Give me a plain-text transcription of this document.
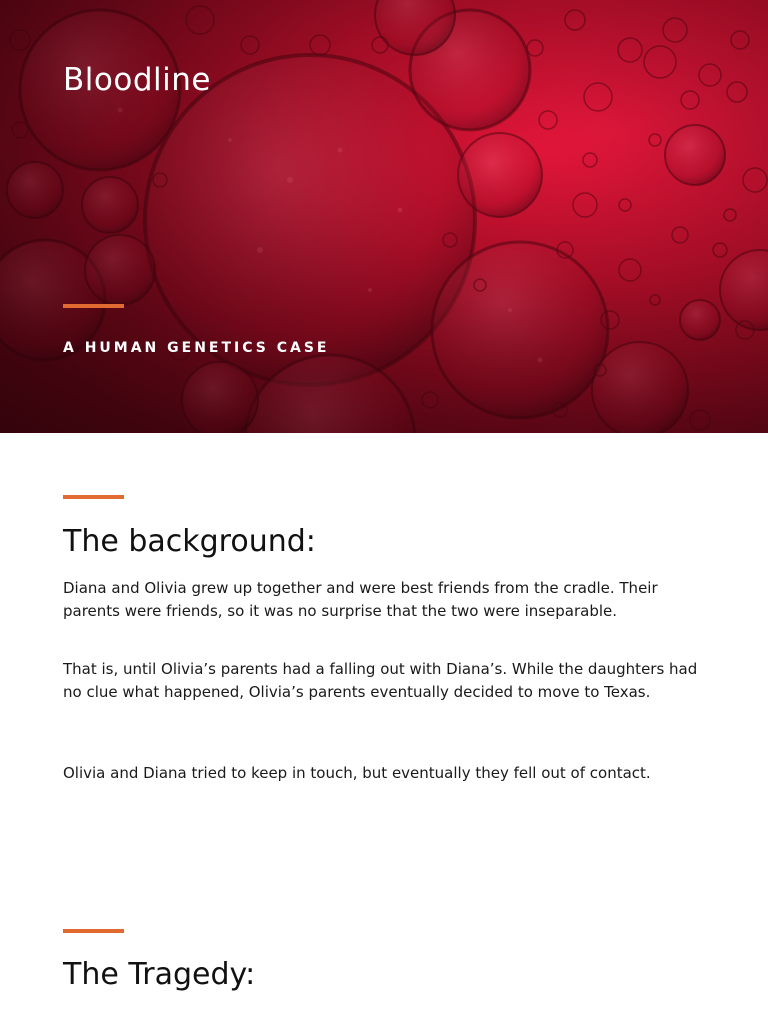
Bloodline

A HUMAN GENETICS CASE

The background:

Diana and Olivia grew up together and were best friends from the cradle. Their parents were friends, so it was no surprise that the two were inseparable.

That is, until Olivia’s parents had a falling out with Diana’s. While the daughters had no clue what happened, Olivia’s parents eventually decided to move to Texas.

Olivia and Diana tried to keep in touch, but eventually they fell out of contact.

The Tragedy:
